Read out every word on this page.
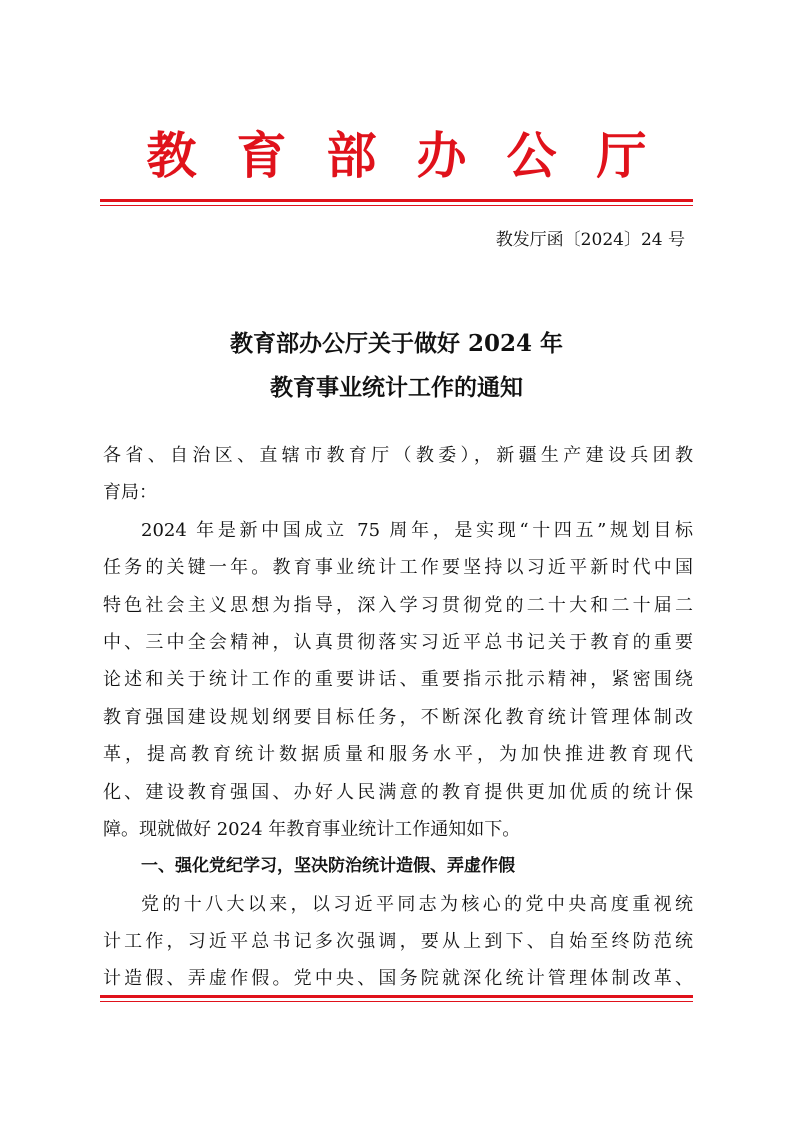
教育部办公厅
教发厅函〔2024〕24 号
教育部办公厅关于做好 2024 年
教育事业统计工作的通知
各省、自治区、直辖市教育厅（教委），新疆生产建设兵团教
育局：
2024 年是新中国成立 75 周年，是实现“十四五”规划目标
任务的关键一年。教育事业统计工作要坚持以习近平新时代中国
特色社会主义思想为指导，深入学习贯彻党的二十大和二十届二
中、三中全会精神，认真贯彻落实习近平总书记关于教育的重要
论述和关于统计工作的重要讲话、重要指示批示精神，紧密围绕
教育强国建设规划纲要目标任务，不断深化教育统计管理体制改
革，提高教育统计数据质量和服务水平，为加快推进教育现代
化、建设教育强国、办好人民满意的教育提供更加优质的统计保
障。现就做好 2024 年教育事业统计工作通知如下。
一、强化党纪学习，坚决防治统计造假、弄虚作假
党的十八大以来，以习近平同志为核心的党中央高度重视统
计工作，习近平总书记多次强调，要从上到下、自始至终防范统
计造假、弄虚作假。党中央、国务院就深化统计管理体制改革、
